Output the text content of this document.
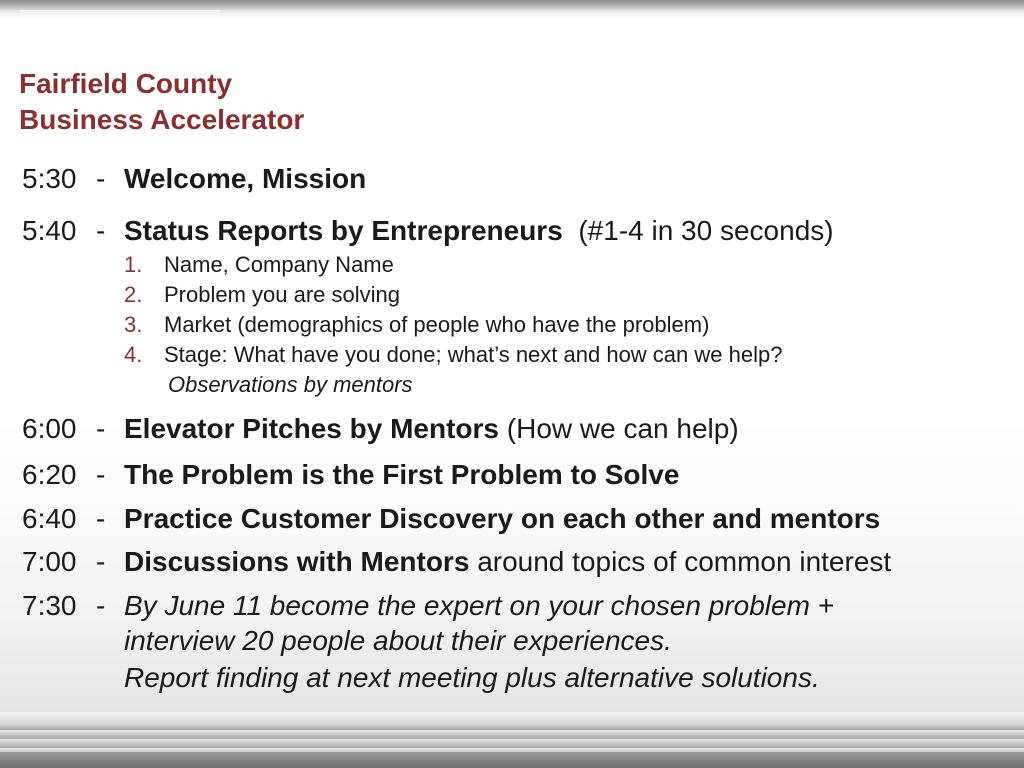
Fairfield County
Business Accelerator
5:30 - Welcome, Mission
5:40 - Status Reports by Entrepreneurs (#1-4 in 30 seconds)
1. Name, Company Name
2. Problem you are solving
3. Market (demographics of people who have the problem)
4. Stage: What have you done; what’s next and how can we help?
Observations by mentors
6:00 - Elevator Pitches by Mentors (How we can help)
6:20 - The Problem is the First Problem to Solve
6:40 - Practice Customer Discovery on each other and mentors
7:00 - Discussions with Mentors around topics of common interest
7:30 - By June 11 become the expert on your chosen problem +
interview 20 people about their experiences.
Report finding at next meeting plus alternative solutions.
